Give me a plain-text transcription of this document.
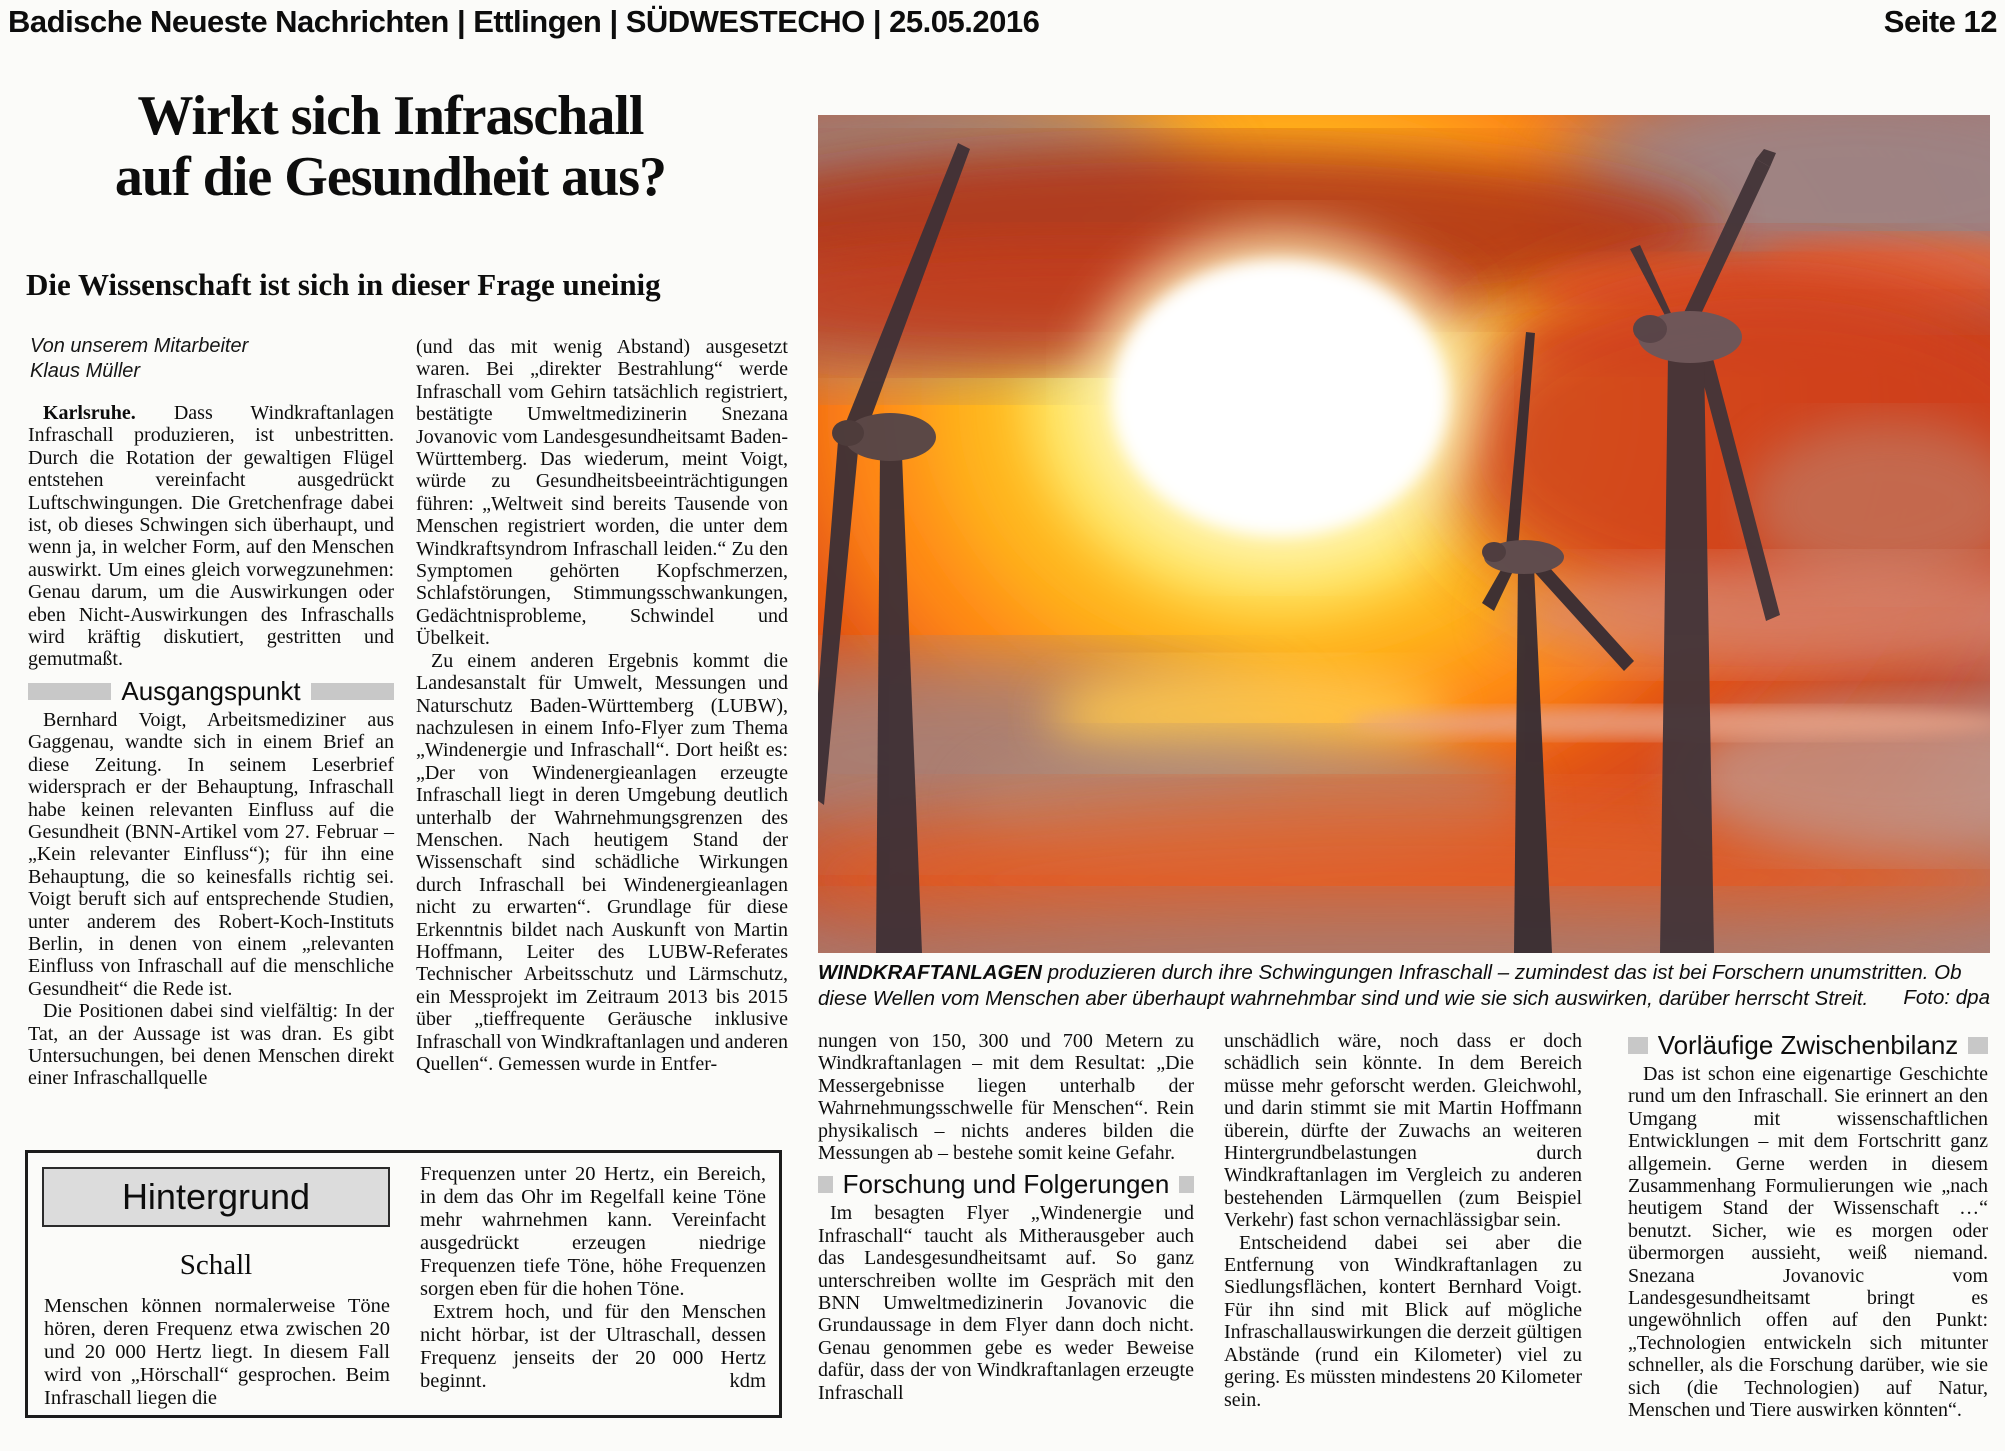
Badische Neueste Nachrichten | Ettlingen | SÜDWESTECHO | 25.05.2016	Seite 12
Wirkt sich Infraschall
auf die Gesundheit aus?
Die Wissenschaft ist sich in dieser Frage uneinig
Von unserem Mitarbeiter
Klaus Müller

Karlsruhe. Dass Windkraftanlagen Infraschall produzieren, ist unbestritten. Durch die Rotation der gewaltigen Flügel entstehen vereinfacht ausgedrückt Luftschwingungen. Die Gretchenfrage dabei ist, ob dieses Schwingen sich überhaupt, und wenn ja, in welcher Form, auf den Menschen auswirkt. Um eines gleich vorwegzunehmen: Genau darum, um die Auswirkungen oder eben Nicht-Auswirkungen des Infraschalls wird kräftig diskutiert, gestritten und gemutmaßt.

Ausgangspunkt

Bernhard Voigt, Arbeitsmediziner aus Gaggenau, wandte sich in einem Brief an diese Zeitung. In seinem Leserbrief widersprach er der Behauptung, Infraschall habe keinen relevanten Einfluss auf die Gesundheit (BNN-Artikel vom 27. Februar – „Kein relevanter Einfluss“); für ihn eine Behauptung, die so keinesfalls richtig sei. Voigt beruft sich auf entsprechende Studien, unter anderem des Robert-Koch-Instituts Berlin, in denen von einem „relevanten Einfluss von Infraschall auf die menschliche Gesundheit“ die Rede ist.

Die Positionen dabei sind vielfältig: In der Tat, an der Aussage ist was dran. Es gibt Untersuchungen, bei denen Menschen direkt einer Infraschallquelle

(und das mit wenig Abstand) ausgesetzt waren. Bei „direkter Bestrahlung“ werde Infraschall vom Gehirn tatsächlich registriert, bestätigte Umweltmedizinerin Snezana Jovanovic vom Landesgesundheitsamt Baden-Württemberg. Das wiederum, meint Voigt, würde zu Gesundheitsbeeinträchtigungen führen: „Weltweit sind bereits Tausende von Menschen registriert worden, die unter dem Windkraftsyndrom Infraschall leiden.“ Zu den Symptomen gehörten Kopfschmerzen, Schlafstörungen, Stimmungsschwankungen, Gedächtnisprobleme, Schwindel und Übelkeit.

Zu einem anderen Ergebnis kommt die Landesanstalt für Umwelt, Messungen und Naturschutz Baden-Württemberg (LUBW), nachzulesen in einem Info-Flyer zum Thema „Windenergie und Infraschall“. Dort heißt es: „Der von Windenergieanlagen erzeugte Infraschall liegt in deren Umgebung deutlich unterhalb der Wahrnehmungsgrenzen des Menschen. Nach heutigem Stand der Wissenschaft sind schädliche Wirkungen durch Infraschall bei Windenergieanlagen nicht zu erwarten“. Grundlage für diese Erkenntnis bildet nach Auskunft von Martin Hoffmann, Leiter des LUBW-Referates Technischer Arbeitsschutz und Lärmschutz, ein Messprojekt im Zeitraum 2013 bis 2015 über „tieffrequente Geräusche inklusive Infraschall von Windkraftanlagen und anderen Quellen“. Gemessen wurde in Entfer-

Hintergrund
Schall
Menschen können normalerweise Töne hören, deren Frequenz etwa zwischen 20 und 20 000 Hertz liegt. In diesem Fall wird von „Hörschall“ gesprochen. Beim Infraschall liegen die

Frequenzen unter 20 Hertz, ein Bereich, in dem das Ohr im Regelfall keine Töne mehr wahrnehmen kann. Vereinfacht ausgedrückt erzeugen niedrige Frequenzen tiefe Töne, höhe Frequenzen sorgen eben für die hohen Töne.

Extrem hoch, und für den Menschen nicht hörbar, ist der Ultraschall, dessen Frequenz jenseits der 20 000 Hertz beginnt.	kdm

WINDKRAFTANLAGEN produzieren durch ihre Schwingungen Infraschall – zumindest das ist bei Forschern unumstritten. Ob diese Wellen vom Menschen aber überhaupt wahrnehmbar sind und wie sie sich auswirken, darüber herrscht Streit. Foto: dpa

nungen von 150, 300 und 700 Metern zu Windkraftanlagen – mit dem Resultat: „Die Messergebnisse liegen unterhalb der Wahrnehmungsschwelle für Menschen“. Rein physikalisch – nichts anderes bilden die Messungen ab – bestehe somit keine Gefahr.

Forschung und Folgerungen

Im besagten Flyer „Windenergie und Infraschall“ taucht als Mitherausgeber auch das Landesgesundheitsamt auf. So ganz unterschreiben wollte im Gespräch mit den BNN Umweltmedizinerin Jovanovic die Grundaussage in dem Flyer dann doch nicht. Genau genommen gebe es weder Beweise dafür, dass der von Windkraftanlagen erzeugte Infraschall

unschädlich wäre, noch dass er doch schädlich sein könnte. In dem Bereich müsse mehr geforscht werden. Gleichwohl, und darin stimmt sie mit Martin Hoffmann überein, dürfte der Zuwachs an weiteren Hintergrundbelastungen durch Windkraftanlagen im Vergleich zu anderen bestehenden Lärmquellen (zum Beispiel Verkehr) fast schon vernachlässigbar sein.

Entscheidend dabei sei aber die Entfernung von Windkraftanlagen zu Siedlungsflächen, kontert Bernhard Voigt. Für ihn sind mit Blick auf mögliche Infraschallauswirkungen die derzeit gültigen Abstände (rund ein Kilometer) viel zu gering. Es müssten mindestens 20 Kilometer sein.

Vorläufige Zwischenbilanz

Das ist schon eine eigenartige Geschichte rund um den Infraschall. Sie erinnert an den Umgang mit wissenschaftlichen Entwicklungen – mit dem Fortschritt ganz allgemein. Gerne werden in diesem Zusammenhang Formulierungen wie „nach heutigem Stand der Wissenschaft …“ benutzt. Sicher, wie es morgen oder übermorgen aussieht, weiß niemand. Snezana Jovanovic vom Landesgesundheitsamt bringt es ungewöhnlich offen auf den Punkt: „Technologien entwickeln sich mitunter schneller, als die Forschung darüber, wie sie sich (die Technologien) auf Natur, Menschen und Tiere auswirken könnten“.
